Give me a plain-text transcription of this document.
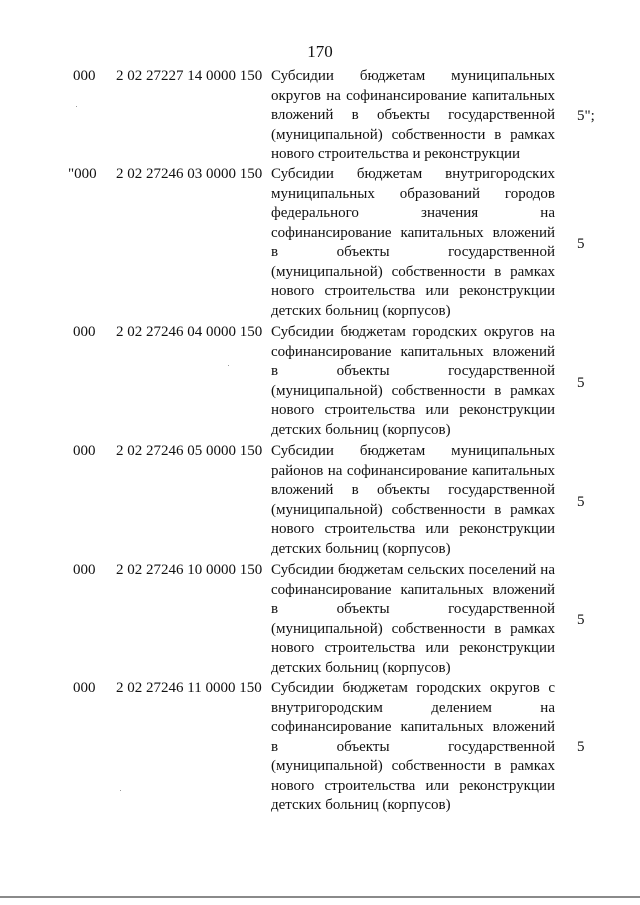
170
000 2 02 27227 14 0000 150 Субсидии бюджетам муниципальных округов на софинансирование капитальных вложений в объекты государственной (муниципальной) собственности в рамках нового строительства и реконструкции
5";
"000 2 02 27246 03 0000 150 Субсидии бюджетам внутригородских муниципальных образований городов федерального значения на софинансирование капитальных вложений в объекты государственной (муниципальной) собственности в рамках нового строительства или реконструкции детских больниц (корпусов)
5
000 2 02 27246 04 0000 150 Субсидии бюджетам городских округов на софинансирование капитальных вложений в объекты государственной (муниципальной) собственности в рамках нового строительства или реконструкции детских больниц (корпусов)
5
000 2 02 27246 05 0000 150 Субсидии бюджетам муниципальных районов на софинансирование капитальных вложений в объекты государственной (муниципальной) собственности в рамках нового строительства или реконструкции детских больниц (корпусов)
5
000 2 02 27246 10 0000 150 Субсидии бюджетам сельских поселений на софинансирование капитальных вложений в объекты государственной (муниципальной) собственности в рамках нового строительства или реконструкции детских больниц (корпусов)
5
000 2 02 27246 11 0000 150 Субсидии бюджетам городских округов с внутригородским делением на софинансирование капитальных вложений в объекты государственной (муниципальной) собственности в рамках нового строительства или реконструкции детских больниц (корпусов)
5
